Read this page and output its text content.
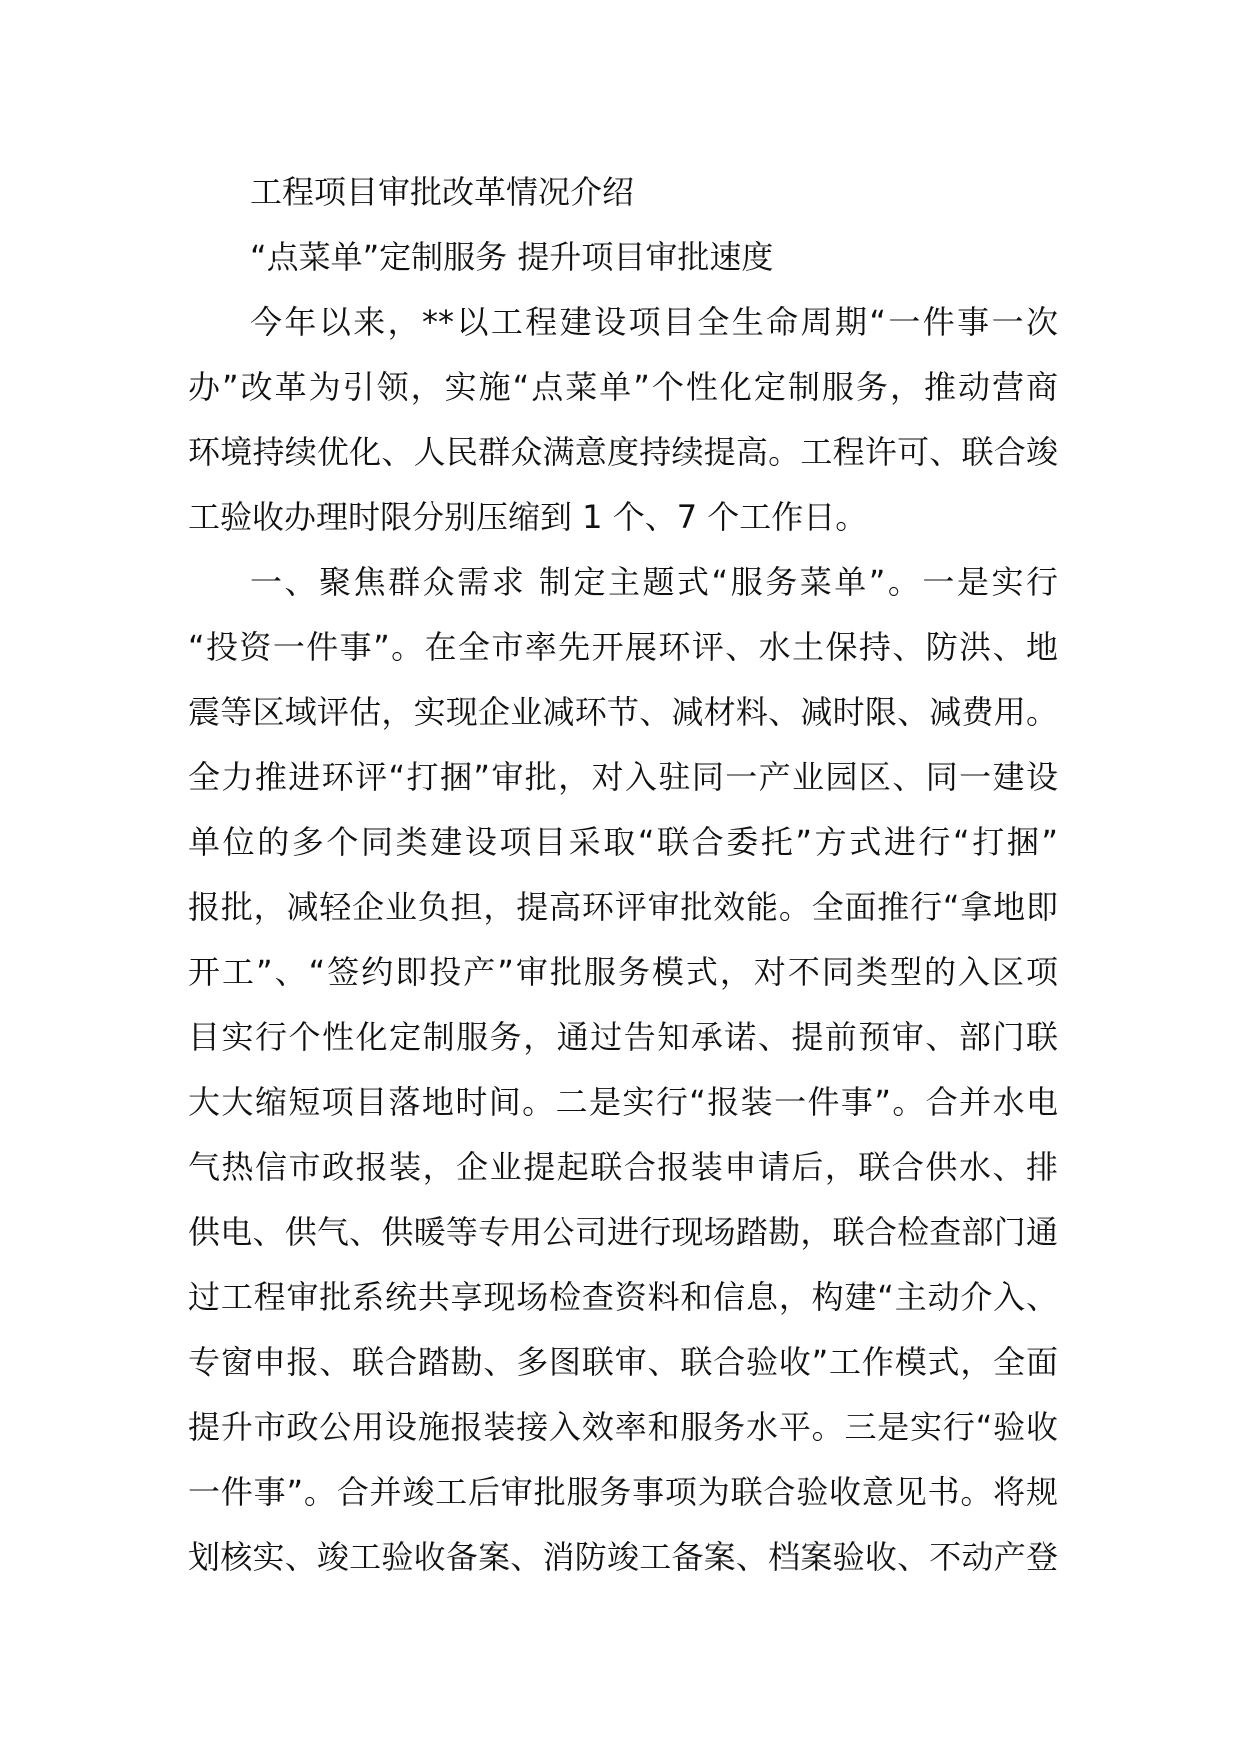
工程项目审批改革情况介绍
“点菜单”定制服务 提升项目审批速度
今年以来，**以工程建设项目全生命周期“一件事一次
办”改革为引领，实施“点菜单”个性化定制服务，推动营商
环境持续优化、人民群众满意度持续提高。工程许可、联合竣
工验收办理时限分别压缩到 1 个、7 个工作日。
一、聚焦群众需求 制定主题式“服务菜单”。一是实行
“投资一件事”。在全市率先开展环评、水土保持、防洪、地
震等区域评估，实现企业减环节、减材料、减时限、减费用。
全力推进环评“打捆”审批，对入驻同一产业园区、同一建设
单位的多个同类建设项目采取“联合委托”方式进行“打捆”
报批，减轻企业负担，提高环评审批效能。全面推行“拿地即
开工”、“签约即投产”审批服务模式，对不同类型的入区项
目实行个性化定制服务，通过告知承诺、提前预审、部门联
大大缩短项目落地时间。二是实行“报装一件事”。合并水电
气热信市政报装，企业提起联合报装申请后，联合供水、排
供电、供气、供暖等专用公司进行现场踏勘，联合检查部门通
过工程审批系统共享现场检查资料和信息，构建“主动介入、
专窗申报、联合踏勘、多图联审、联合验收”工作模式，全面
提升市政公用设施报装接入效率和服务水平。三是实行“验收
一件事”。合并竣工后审批服务事项为联合验收意见书。将规
划核实、竣工验收备案、消防竣工备案、档案验收、不动产登
